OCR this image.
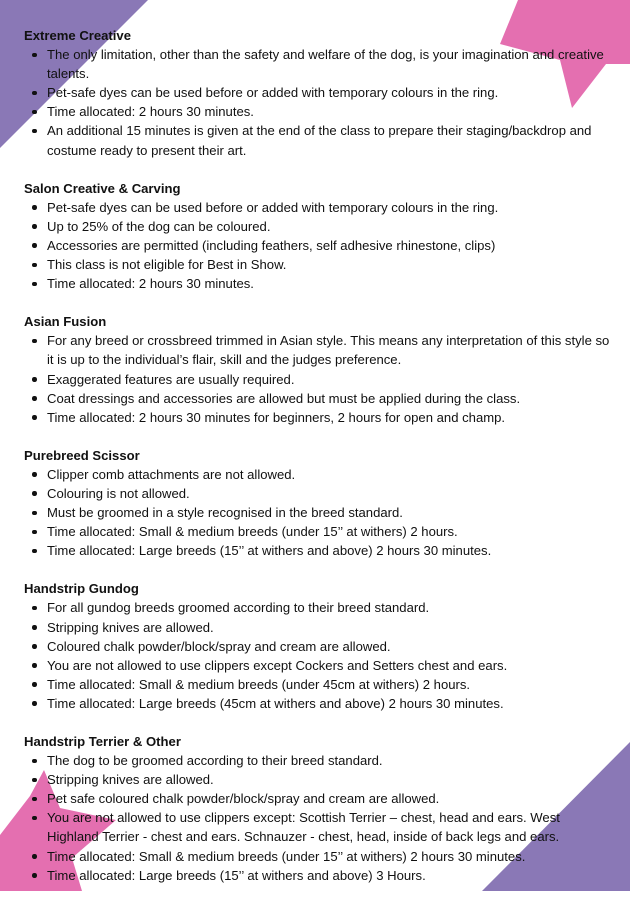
Extreme Creative
The only limitation, other than the safety and welfare of the dog, is your imagination and creative talents.
Pet-safe dyes can be used before or added with temporary colours in the ring.
Time allocated: 2 hours 30 minutes.
An additional 15 minutes is given at the end of the class to prepare their staging/backdrop and costume ready to present their art.
Salon Creative & Carving
Pet-safe dyes can be used before or added with temporary colours in the ring.
Up to 25% of the dog can be coloured.
Accessories are permitted (including feathers, self adhesive rhinestone, clips)
This class is not eligible for Best in Show.
Time allocated: 2 hours 30 minutes.
Asian Fusion
For any breed or crossbreed trimmed in Asian style. This means any interpretation of this style so it is up to the individual’s flair, skill and the judges preference.
Exaggerated features are usually required.
Coat dressings and accessories are allowed but must be applied during the class.
Time allocated: 2 hours 30 minutes for beginners, 2 hours for open and champ.
Purebreed Scissor
Clipper comb attachments are not allowed.
Colouring is not allowed.
Must be groomed in a style recognised in the breed standard.
Time allocated: Small & medium breeds (under 15’’ at withers) 2 hours.
Time allocated: Large breeds (15’’ at withers and above) 2 hours 30 minutes.
Handstrip Gundog
For all gundog breeds groomed according to their breed standard.
Stripping knives are allowed.
Coloured chalk powder/block/spray and cream are allowed.
You are not allowed to use clippers except Cockers and Setters chest and ears.
Time allocated: Small & medium breeds (under 45cm at withers) 2 hours.
Time allocated: Large breeds (45cm at withers and above) 2 hours 30 minutes.
Handstrip Terrier & Other
The dog to be groomed according to their breed standard.
Stripping knives are allowed.
Pet safe coloured chalk powder/block/spray and cream are allowed.
You are not allowed to use clippers except: Scottish Terrier – chest, head and ears. West Highland Terrier - chest and ears. Schnauzer - chest, head, inside of back legs and ears.
Time allocated: Small & medium breeds (under 15’’ at withers) 2 hours 30 minutes.
Time allocated: Large breeds (15’’ at withers and above) 3 Hours.
